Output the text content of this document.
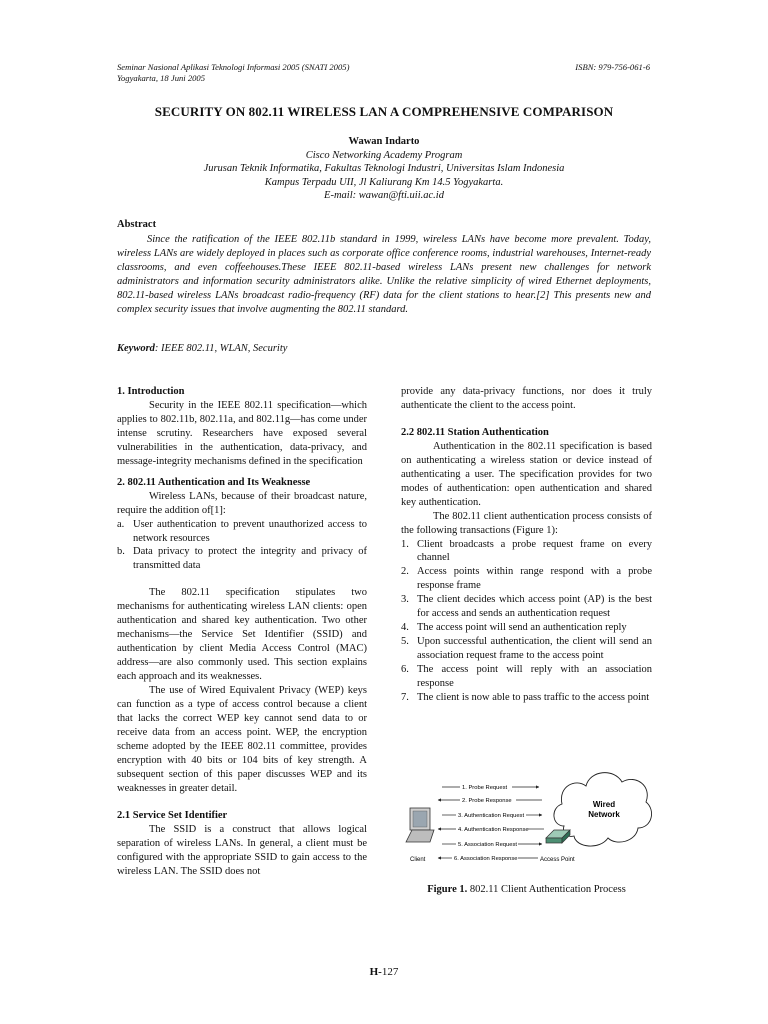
Seminar Nasional Aplikasi Teknologi Informasi 2005 (SNATI 2005)
Yogyakarta, 18 Juni 2005
ISBN: 979-756-061-6
SECURITY ON 802.11 WIRELESS LAN A COMPREHENSIVE COMPARISON
Wawan Indarto
Cisco Networking Academy Program
Jurusan Teknik Informatika, Fakultas Teknologi Industri, Universitas Islam Indonesia
Kampus Terpadu UII, Jl Kaliurang Km 14.5 Yogyakarta.
E-mail: wawan@fti.uii.ac.id
Abstract

Since the ratification of the IEEE 802.11b standard in 1999, wireless LANs have become more prevalent. Today, wireless LANs are widely deployed in places such as corporate office conference rooms, industrial warehouses, Internet-ready classrooms, and even coffeehouses.These IEEE 802.11-based wireless LANs present new challenges for network administrators and information security administrators alike. Unlike the relative simplicity of wired Ethernet deployments, 802.11-based wireless LANs broadcast radio-frequency (RF) data for the client stations to hear.[2] This presents new and complex security issues that involve augmenting the 802.11 standard.

Keyword: IEEE 802.11, WLAN, Security

1. Introduction

Security in the IEEE 802.11 specification—which applies to 802.11b, 802.11a, and 802.11g—has come under intense scrutiny. Researchers have exposed several vulnerabilities in the authentication, data-privacy, and message-integrity mechanisms defined in the specification

2. 802.11 Authentication and Its Weaknesse

Wireless LANs, because of their broadcast nature, require the addition of[1]:

a. User authentication to prevent unauthorized access to network resources
b. Data privacy to protect the integrity and privacy of transmitted data

The 802.11 specification stipulates two mechanisms for authenticating wireless LAN clients: open authentication and shared key authentication. Two other mechanisms—the Service Set Identifier (SSID) and authentication by client Media Access Control (MAC) address—are also commonly used. This section explains each approach and its weaknesses.

The use of Wired Equivalent Privacy (WEP) keys can function as a type of access control because a client that lacks the correct WEP key cannot send data to or receive data from an access point. WEP, the encryption scheme adopted by the IEEE 802.11 committee, provides encryption with 40 bits or 104 bits of key strength. A subsequent section of this paper discusses WEP and its weaknesses in greater detail.

2.1 Service Set Identifier

The SSID is a construct that allows logical separation of wireless LANs. In general, a client must be configured with the appropriate SSID to gain access to the wireless LAN. The SSID does not

provide any data-privacy functions, nor does it truly authenticate the client to the access point.

2.2 802.11 Station Authentication

Authentication in the 802.11 specification is based on authenticating a wireless station or device instead of authenticating a user. The specification provides for two modes of authentication: open authentication and shared key authentication.

The 802.11 client authentication process consists of the following transactions (Figure 1):

1. Client broadcasts a probe request frame on every channel
2. Access points within range respond with a probe response frame
3. The client decides which access point (AP) is the best for access and sends an authentication request
4. The access point will send an authentication reply
5. Upon successful authentication, the client will send an association request frame to the access point
6. The access point will reply with an association response
7. The client is now able to pass traffic to the access point
Wired
Network
Client	Access Point
1. Probe Request
2. Probe Response
3. Authentication Request
4. Authentication Response
5. Association Request
6. Association Response
Figure 1. 802.11 Client Authentication Process
H-127
